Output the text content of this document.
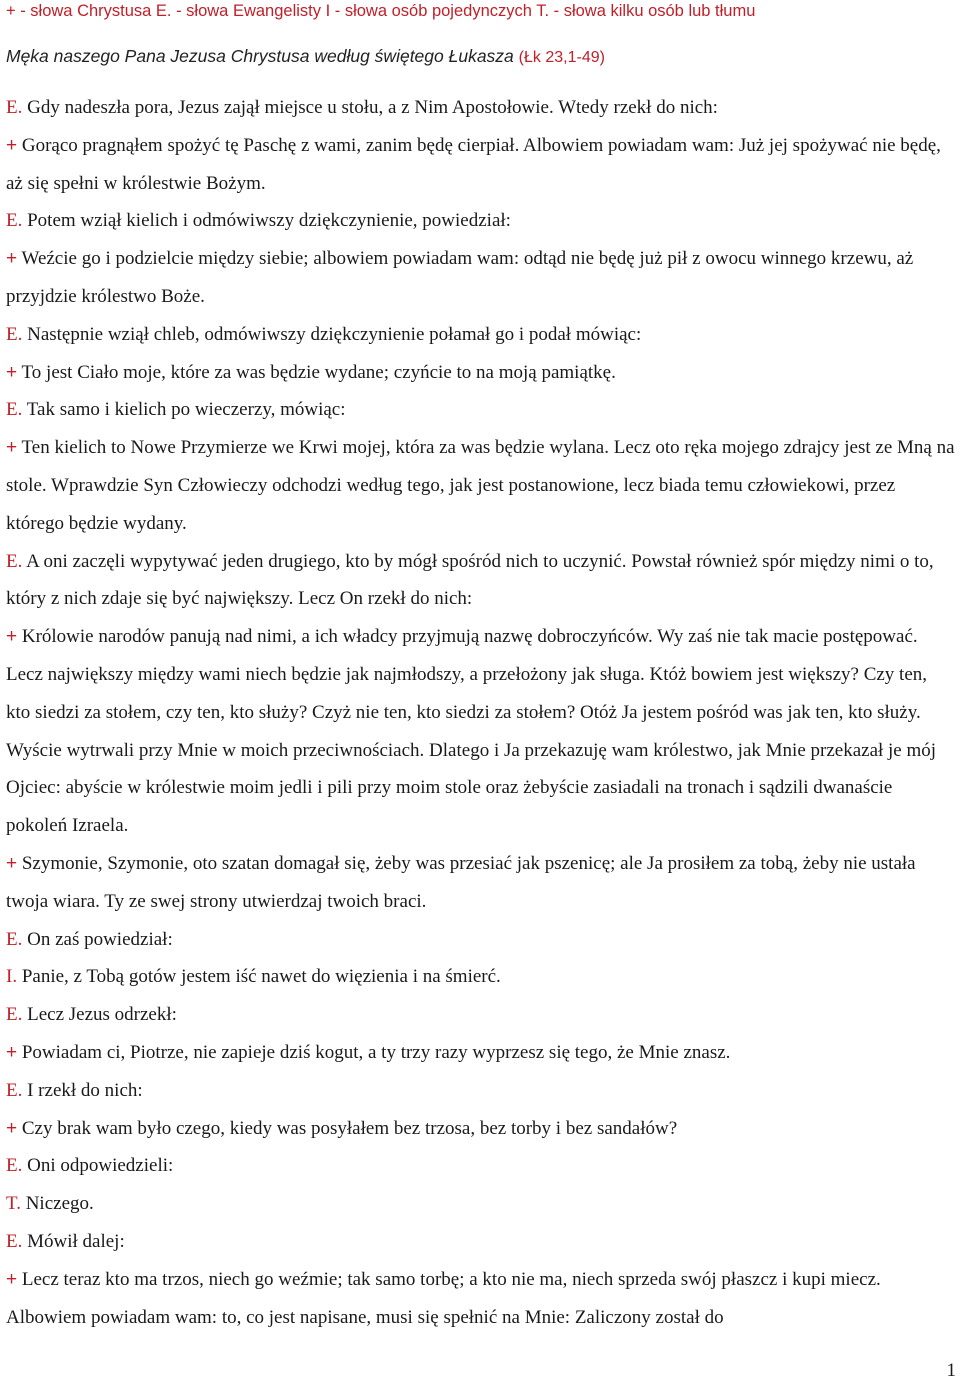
+ - słowa Chrystusa E. - słowa Ewangelisty I - słowa osób pojedynczych T. - słowa kilku osób lub tłumu
Męka naszego Pana Jezusa Chrystusa według świętego Łukasza (Łk 23,1-49)
E. Gdy nadeszła pora, Jezus zajął miejsce u stołu, a z Nim Apostołowie. Wtedy rzekł do nich:
+ Gorąco pragnąłem spożyć tę Paschę z wami, zanim będę cierpiał. Albowiem powiadam wam: Już jej spożywać nie będę, aż się spełni w królestwie Bożym.
E. Potem wziął kielich i odmówiwszy dziękczynienie, powiedział:
+ Weźcie go i podzielcie między siebie; albowiem powiadam wam: odtąd nie będę już pił z owocu winnego krzewu, aż przyjdzie królestwo Boże.
E. Następnie wziął chleb, odmówiwszy dziękczynienie połamał go i podał mówiąc:
+ To jest Ciało moje, które za was będzie wydane; czyńcie to na moją pamiątkę.
E. Tak samo i kielich po wieczerzy, mówiąc:
+ Ten kielich to Nowe Przymierze we Krwi mojej, która za was będzie wylana. Lecz oto ręka mojego zdrajcy jest ze Mną na stole. Wprawdzie Syn Człowieczy odchodzi według tego, jak jest postanowione, lecz biada temu człowiekowi, przez którego będzie wydany.
E. A oni zaczęli wypytywać jeden drugiego, kto by mógł spośród nich to uczynić. Powstał również spór między nimi o to, który z nich zdaje się być największy. Lecz On rzekł do nich:
+ Królowie narodów panują nad nimi, a ich władcy przyjmują nazwę dobroczyńców. Wy zaś nie tak macie postępować. Lecz największy między wami niech będzie jak najmłodszy, a przełożony jak sługa. Któż bowiem jest większy? Czy ten, kto siedzi za stołem, czy ten, kto służy? Czyż nie ten, kto siedzi za stołem? Otóż Ja jestem pośród was jak ten, kto służy. Wyście wytrwali przy Mnie w moich przeciwnościach. Dlatego i Ja przekazuję wam królestwo, jak Mnie przekazał je mój Ojciec: abyście w królestwie moim jedli i pili przy moim stole oraz żebyście zasiadali na tronach i sądzili dwanaście pokoleń Izraela.
+ Szymonie, Szymonie, oto szatan domagał się, żeby was przesiać jak pszenicę; ale Ja prosiłem za tobą, żeby nie ustała twoja wiara. Ty ze swej strony utwierdzaj twoich braci.
E. On zaś powiedział:
I. Panie, z Tobą gotów jestem iść nawet do więzienia i na śmierć.
E. Lecz Jezus odrzekł:
+ Powiadam ci, Piotrze, nie zapieje dziś kogut, a ty trzy razy wyprzesz się tego, że Mnie znasz.
E. I rzekł do nich:
+ Czy brak wam było czego, kiedy was posyłałem bez trzosa, bez torby i bez sandałów?
E. Oni odpowiedzieli:
T. Niczego.
E. Mówił dalej:
+ Lecz teraz kto ma trzos, niech go weźmie; tak samo torbę; a kto nie ma, niech sprzeda swój płaszcz i kupi miecz. Albowiem powiadam wam: to, co jest napisane, musi się spełnić na Mnie: Zaliczony został do
1
